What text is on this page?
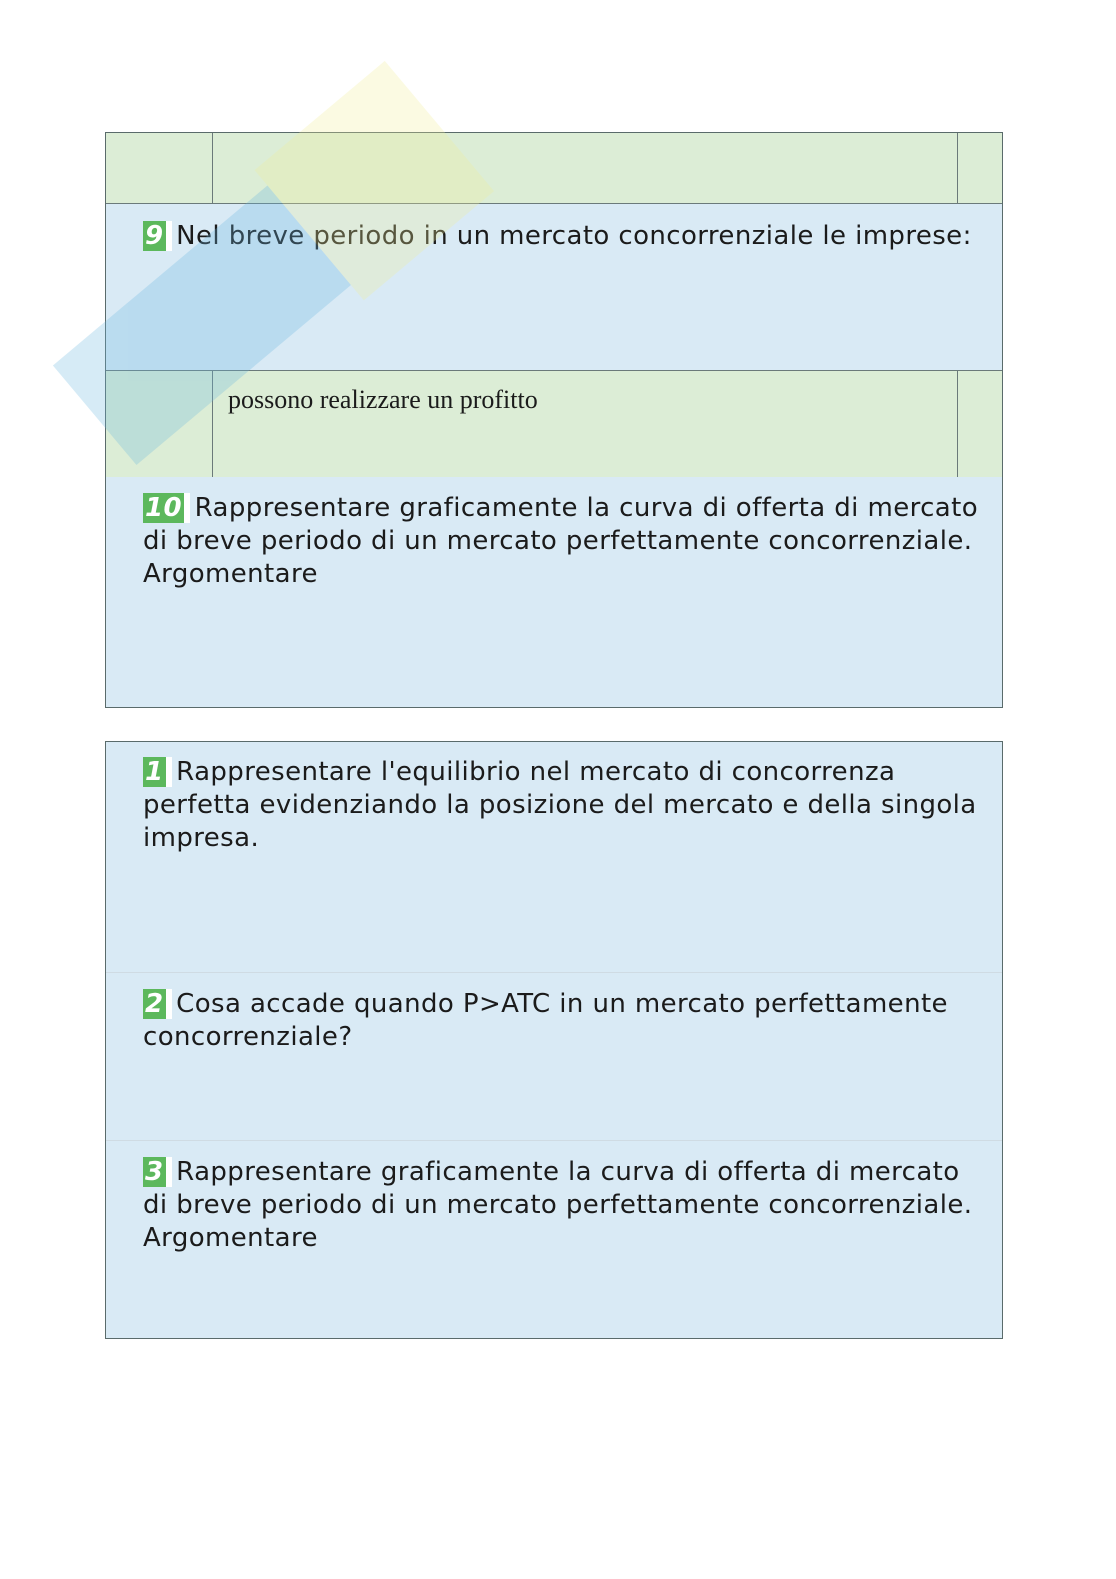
9 Nel breve periodo in un mercato concorrenziale le imprese:
possono realizzare un profitto
10 Rappresentare graficamente la curva di offerta di mercato di breve periodo di un mercato perfettamente concorrenziale. Argomentare
1 Rappresentare l'equilibrio nel mercato di concorrenza perfetta evidenziando la posizione del mercato e della singola impresa.
2 Cosa accade quando P>ATC in un mercato perfettamente concorrenziale?
3 Rappresentare graficamente la curva di offerta di mercato di breve periodo di un mercato perfettamente concorrenziale. Argomentare
